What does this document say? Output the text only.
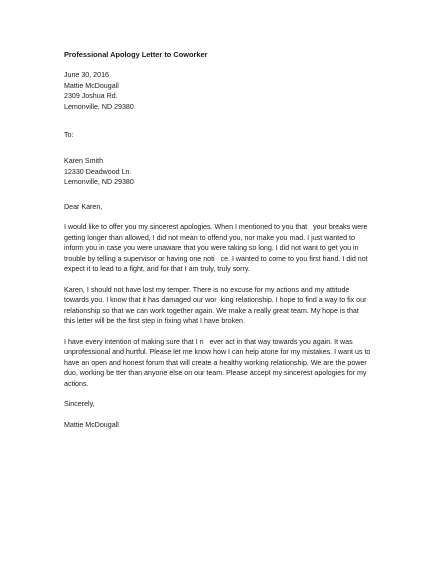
Professional Apology Letter to Coworker
June 30, 2016
Mattie McDougall
2309 Joshua Rd.
Lemonville, ND 29380
To:
Karen Smith
12330 Deadwood Ln.
Lemonville, ND 29380
Dear Karen,
I would like to offer you my sincerest apologies. When I mentioned to you that   your breaks were
getting longer than allowed, I did not mean to offend you, nor make you mad. I just wanted to
inform you in case you were unaware that you were taking so long. I did not want to get you in
trouble by telling a supervisor or having one noti   ce. I wanted to come to you first hand. I did not
expect it to lead to a fight, and for that I am truly, truly sorry.
Karen, I should not have lost my temper. There is no excuse for my actions and my attitude
towards you. I know that it has damaged our wor  king relationship. I hope to find a way to fix our
relationship so that we can work together again. We make a really great team. My hope is that
this letter will be the first step in fixing what I have broken.
I have every intention of making sure that I n   ever act in that way towards you again. It was
unprofessional and hurtful. Please let me know how I can help atone for my mistakes. I want us to
have an open and honest forum that will create a healthy working relationship. We are the power
duo, working be tter than anyone else on our team. Please accept my sincerest apologies for my
actions.
Sincerely,
Mattie McDougall
